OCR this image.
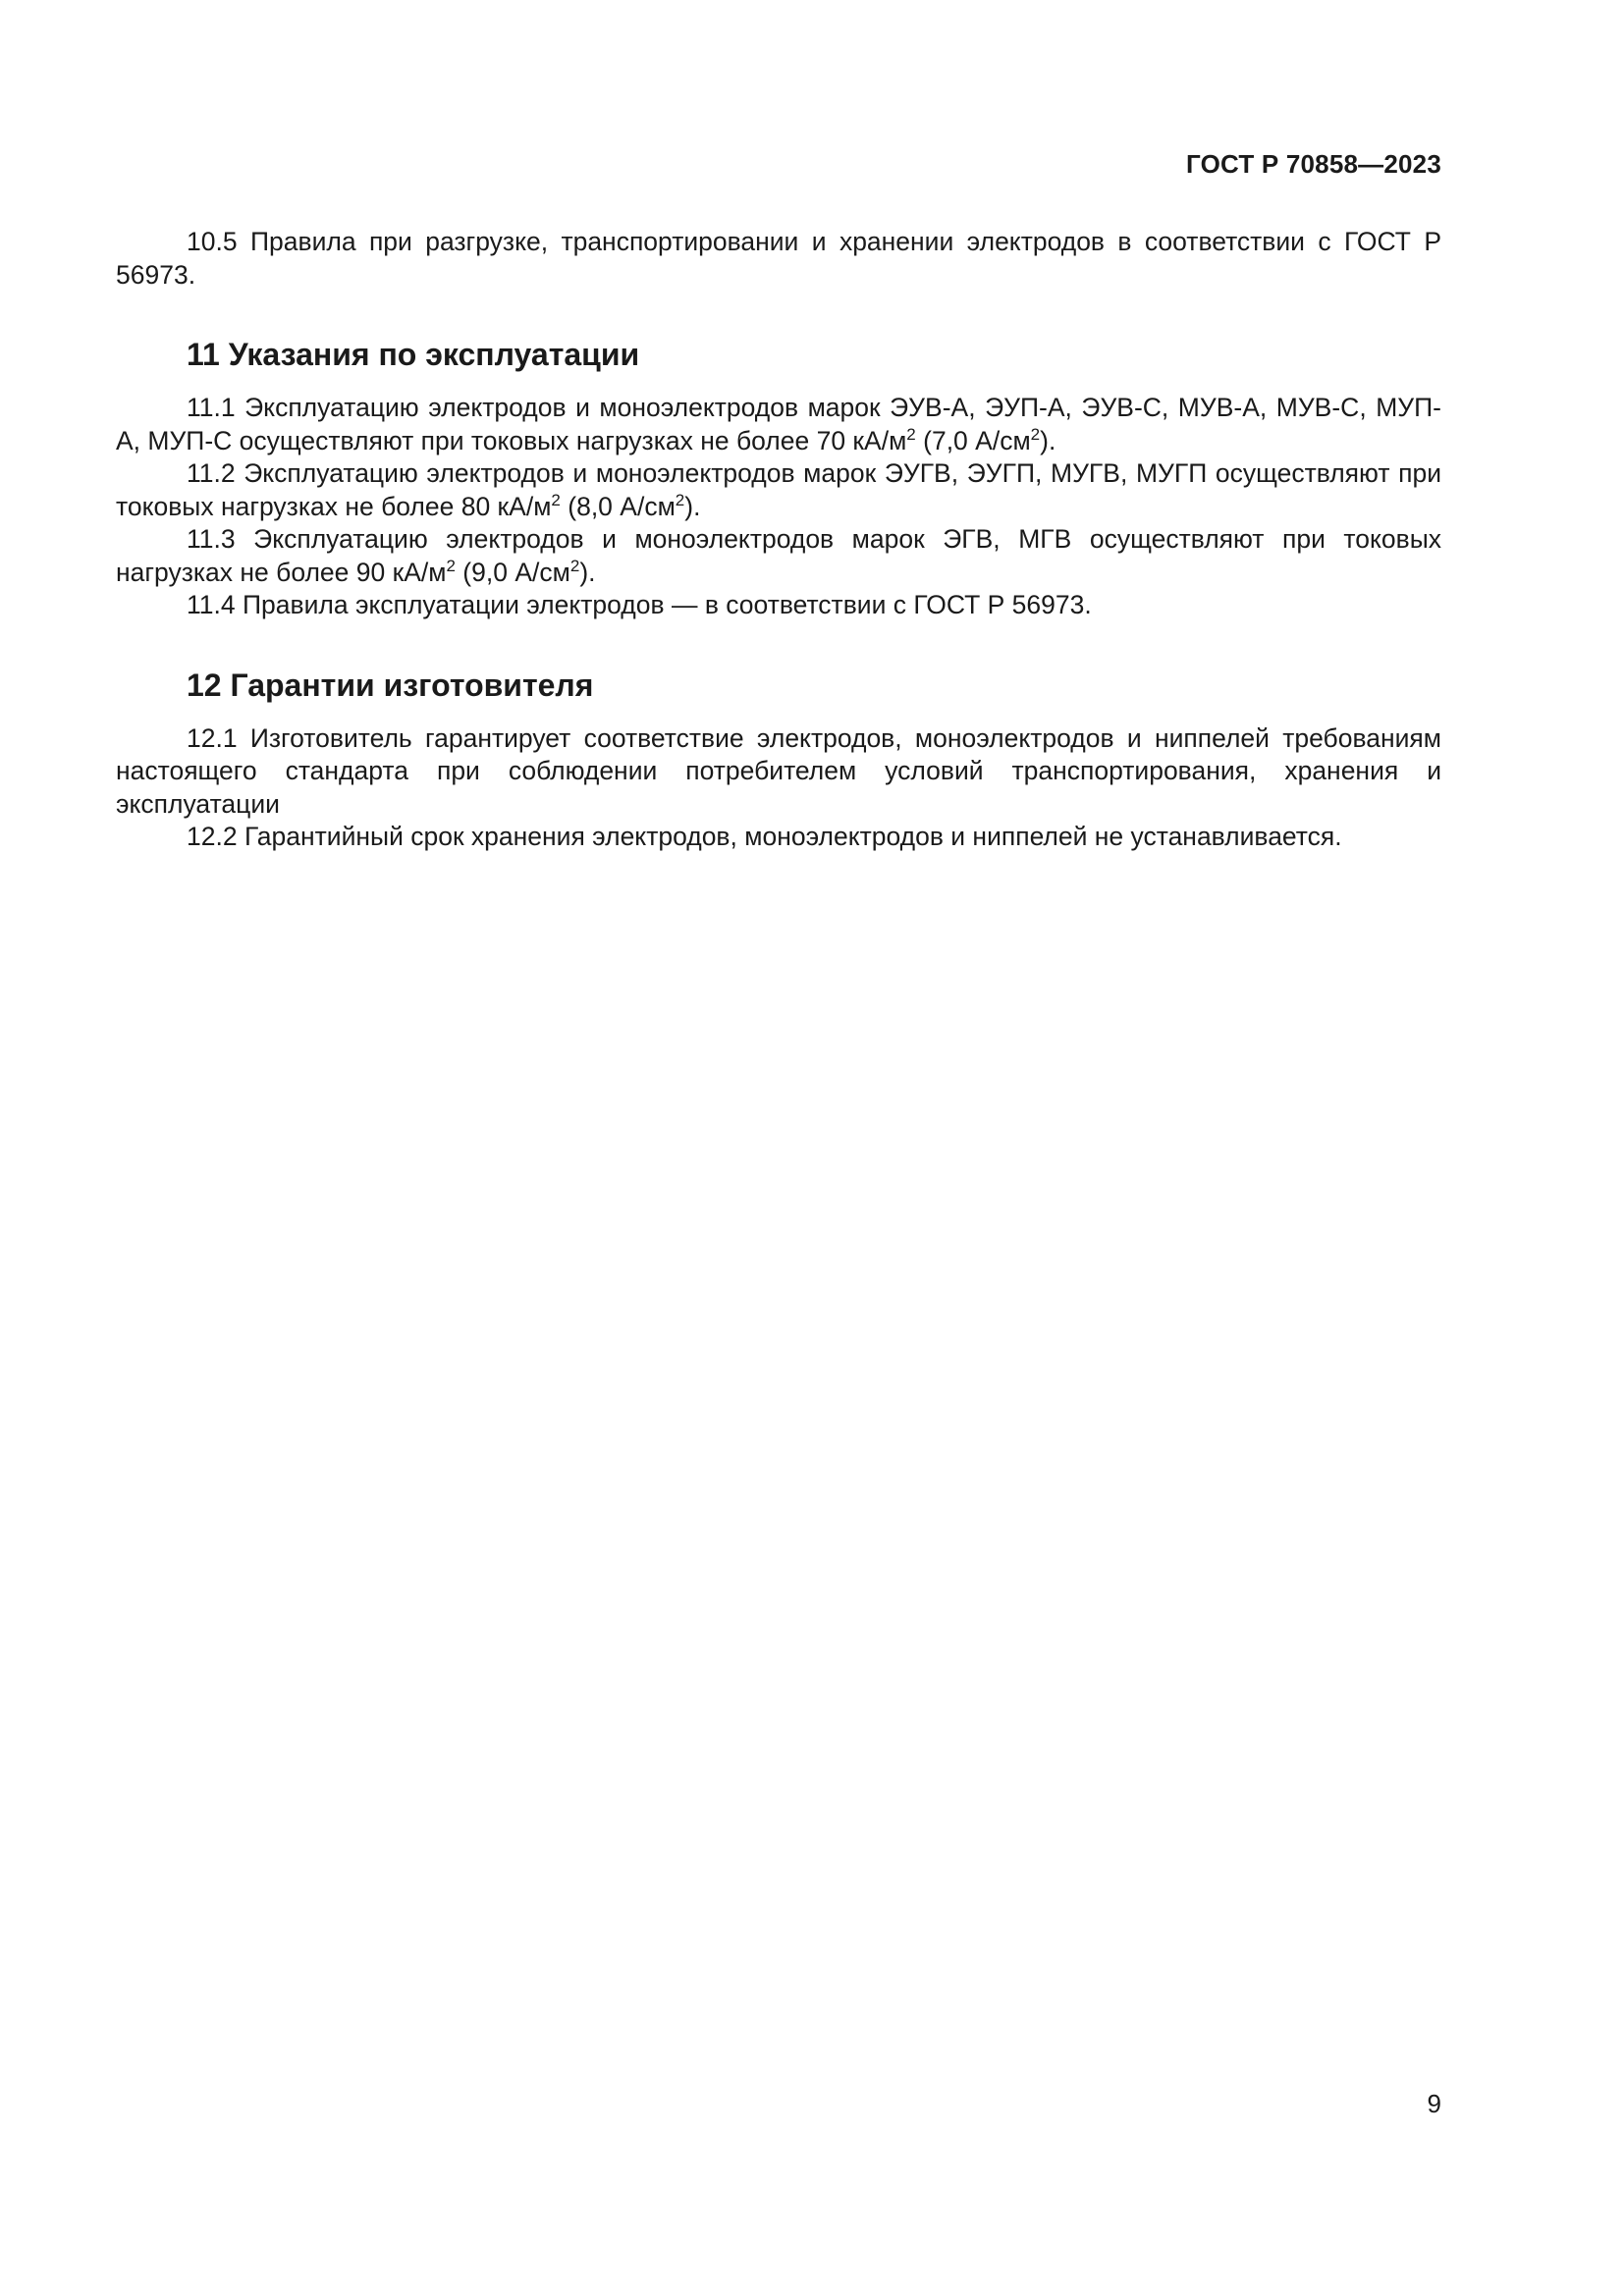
ГОСТ Р 70858—2023

10.5 Правила при разгрузке, транспортировании и хранении электродов в соответствии с ГОСТ Р 56973.

11 Указания по эксплуатации

11.1 Эксплуатацию электродов и моноэлектродов марок ЭУВ-А, ЭУП-А, ЭУВ-С, МУВ-А, МУВ-С, МУП-А, МУП-С осуществляют при токовых нагрузках не более 70 $кА/м^2$ (7,0 $А/см^2$).

11.2 Эксплуатацию электродов и моноэлектродов марок ЭУГВ, ЭУГП, МУГВ, МУГП осуществляют при токовых нагрузках не более 80 $кА/м^2$ (8,0 $А/см^2$).

11.3 Эксплуатацию электродов и моноэлектродов марок ЭГВ, МГВ осуществляют при токовых нагрузках не более 90 $кА/м^2$ (9,0 $А/см^2$).

11.4 Правила эксплуатации электродов — в соответствии с ГОСТ Р 56973.

12 Гарантии изготовителя

12.1 Изготовитель гарантирует соответствие электродов, моноэлектродов и ниппелей требованиям настоящего стандарта при соблюдении потребителем условий транспортирования, хранения и эксплуатации

12.2 Гарантийный срок хранения электродов, моноэлектродов и ниппелей не устанавливается.

9
